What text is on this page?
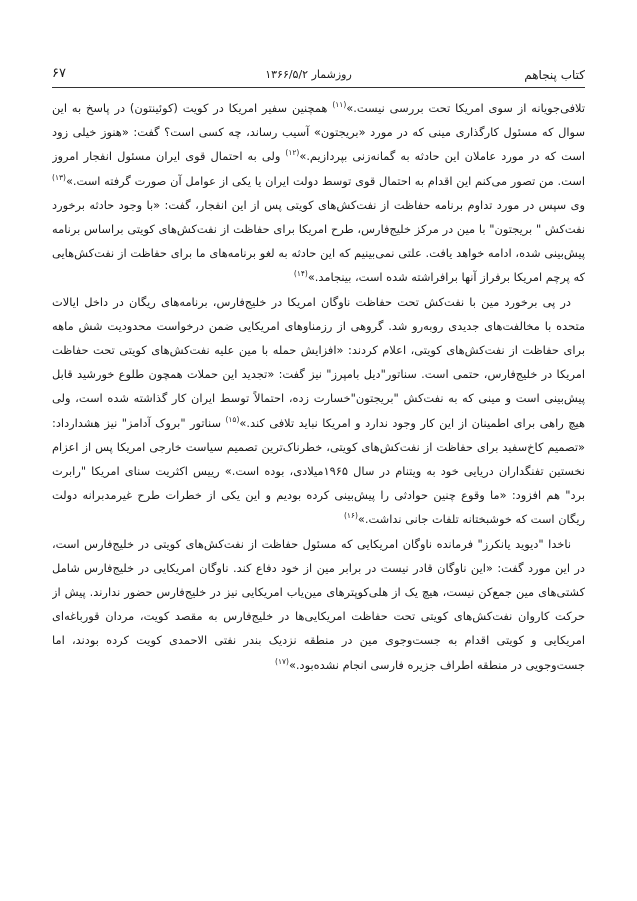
کتاب پنجاهم
روزشمار ۱۳۶۶/۵/۲
۶۷

تلافی‌جویانه از سوی امریکا تحت بررسی نیست.»$^{(۱۱)}$ همچنین سفیر امریکا در کویت (کوئینتون) در پاسخ به این سوال که مسئول کارگذاری مینی که در مورد «بریجتون» آسیب رساند، چه کسی است؟ گفت: «هنوز خیلی زود است که در مورد عاملان این حادثه به گمانه‌زنی بپردازیم.»$^{(۱۲)}$ ولی به احتمال قوی ایران مسئول انفجار امروز است. من تصور می‌کنم این اقدام به احتمال قوی توسط دولت ایران یا یکی از عوامل آن صورت گرفته است.»$^{(۱۳)}$ وی سپس در مورد تداوم برنامه حفاظت از نفت‌کش‌های کویتی پس از این انفجار، گفت: «با وجود حادثه برخورد نفت‌کش " بریجتون" با مین در مرکز خلیج‌فارس، طرح امریکا برای حفاظت از نفت‌کش‌های کویتی براساس برنامه پیش‌بینی شده، ادامه خواهد یافت. علتی نمی‌بینیم که این حادثه به لغو برنامه‌های ما برای حفاظت از نفت‌کش‌هایی که پرچم امریکا برفراز آنها برافراشته شده است، بینجامد.»$^{(۱۴)}$

در پی برخورد مین با نفت‌کش تحت حفاظت ناوگان امریکا در خلیج‌فارس، برنامه‌های ریگان در داخل ایالات متحده با مخالفت‌های جدیدی روبه‌رو شد. گروهی از رزمناوهای امریکایی ضمن درخواست محدودیت شش ماهه برای حفاظت از نفت‌کش‌های کویتی، اعلام کردند: «افزایش حمله با مین علیه نفت‌کش‌های کویتی تحت حفاظت امریکا در خلیج‌فارس، حتمی است. سناتور"دیل بامپرز" نیز گفت: «تجدید این حملات همچون طلوع خورشید قابل پیش‌بینی است و مینی که به نفت‌کش "بریجتون"خسارت زده، احتمالاً توسط ایران کار گذاشته شده است، ولی هیچ راهی برای اطمینان از این کار وجود ندارد و امریکا نباید تلافی کند.»$^{(۱۵)}$ سناتور "بروک آدامز" نیز هشدارداد: «تصمیم کاخ‌سفید برای حفاظت از نفت‌کش‌های کویتی، خطرناک‌ترین تصمیم سیاست خارجی امریکا پس از اعزام نخستین تفنگداران دریایی خود به ویتنام در سال ۱۹۶۵میلادی، بوده است.» رییس اکثریت سنای امریکا "رابرت برد" هم افزود: «ما وقوع چنین حوادثی را پیش‌بینی کرده بودیم و این یکی از خطرات طرح غیرمدبرانه دولت ریگان است که خوشبختانه تلفات جانی نداشت.»$^{(۱۶)}$

ناخدا "دیوید یانکرز" فرمانده ناوگان امریکایی که مسئول حفاظت از نفت‌کش‌های کویتی در خلیج‌فارس است، در این مورد گفت: «این ناوگان قادر نیست در برابر مین از خود دفاع کند. ناوگان امریکایی در خلیج‌فارس شامل کشتی‌های مین جمع‌کن نیست، هیچ یک از هلی‌کوپترهای مین‌یاب امریکایی نیز در خلیج‌فارس حضور ندارند. پیش از حرکت کاروان نفت‌کش‌های کویتی تحت حفاظت امریکایی‌ها در خلیج‌فارس به مقصد کویت، مردان قورباغه‌ای امریکایی و کویتی اقدام به جست‌وجوی مین در منطقه نزدیک بندر نفتی الاحمدی کویت کرده بودند، اما جست‌وجویی در منطقه اطراف جزیره فارسی انجام نشده‌بود.»$^{(۱۷)}$
